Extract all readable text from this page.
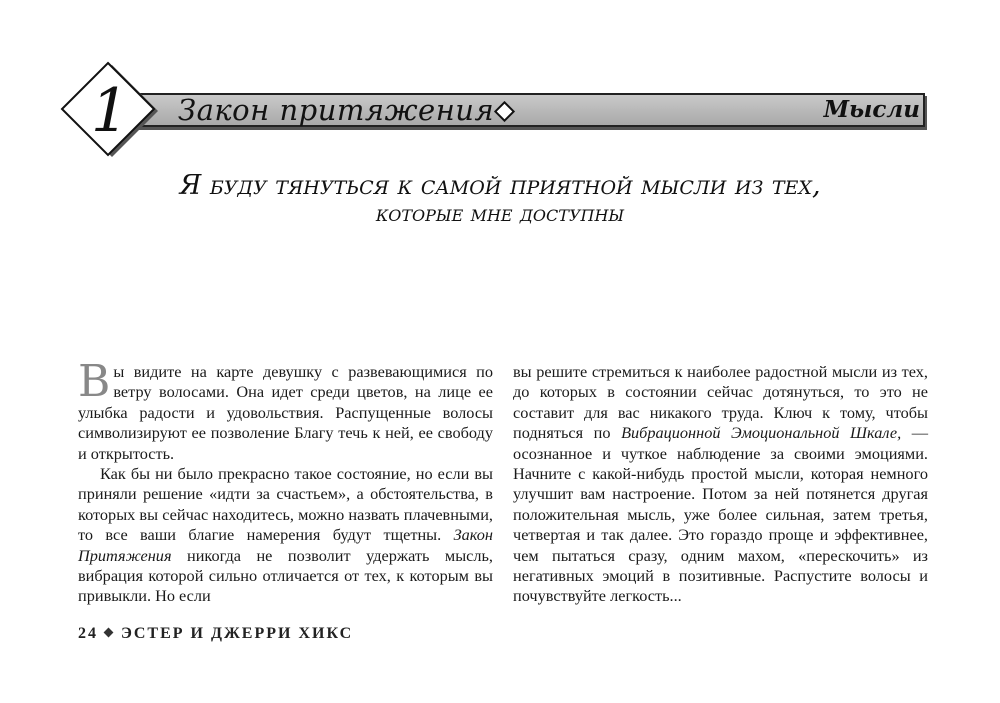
1	Закон притяжения	Мысли
Я буду тянуться к самой приятной мысли из тех,
которые мне доступны

Вы видите на карте девушку с развевающимися по ветру волосами. Она идет среди цветов, на лице ее улыбка радости и удовольствия. Распущенные волосы символизируют ее позволение Благу течь к ней, ее свободу и открытость.

Как бы ни было прекрасно такое состояние, но если вы приняли решение «идти за счастьем», а обстоятельства, в которых вы сейчас находитесь, можно назвать плачевными, то все ваши благие намерения будут тщетны. Закон Притяжения никогда не позволит удержать мысль, вибрация которой сильно отличается от тех, к которым вы привыкли. Но если

вы решите стремиться к наиболее радостной мысли из тех, до которых в состоянии сейчас дотянуться, то это не составит для вас никакого труда. Ключ к тому, чтобы подняться по Вибрационной Эмоциональной Шкале, — осознанное и чуткое наблюдение за своими эмоциями. Начните с какой-нибудь простой мысли, которая немного улучшит вам настроение. Потом за ней потянется другая положительная мысль, уже более сильная, затем третья, четвертая и так далее. Это гораздо проще и эффективнее, чем пытаться сразу, одним махом, «перескочить» из негативных эмоций в позитивные. Распустите волосы и почувствуйте легкость...

24 ЭСТЕР И ДЖЕРРИ ХИКС
